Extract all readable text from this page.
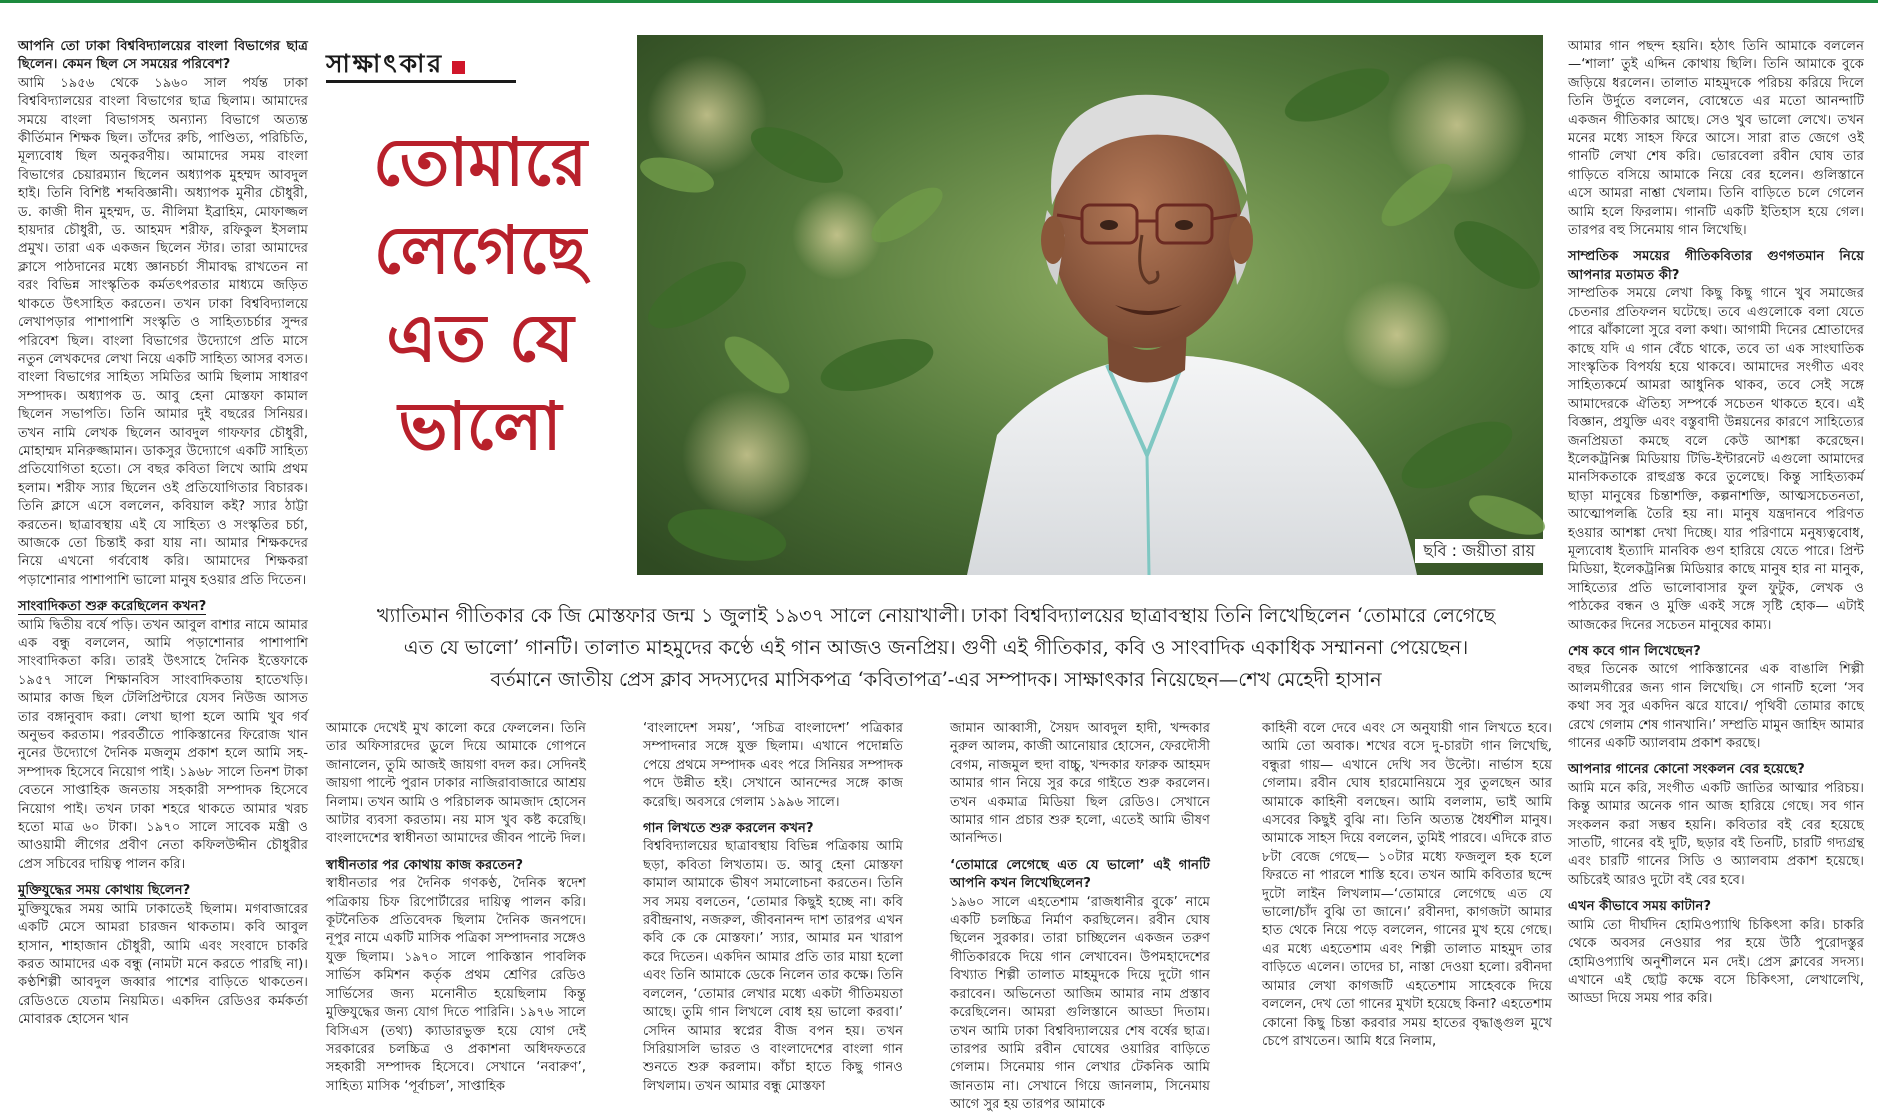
আপনি তো ঢাকা বিশ্ববিদ্যালয়ের বাংলা বিভাগের ছাত্র ছিলেন। কেমন ছিল সে সময়ের পরিবেশ?

আমি ১৯৫৬ থেকে ১৯৬০ সাল পর্যন্ত ঢাকা বিশ্ববিদ্যালয়ের বাংলা বিভাগের ছাত্র ছিলাম। আমাদের সময়ে বাংলা বিভাগসহ অন্যান্য বিভাগে অত্যন্ত কীর্তিমান শিক্ষক ছিল। তাঁদের রুচি, পাণ্ডিত্য, পরিচিতি, মূল্যবোধ ছিল অনুকরণীয়। আমাদের সময় বাংলা বিভাগের চেয়ারম্যান ছিলেন অধ্যাপক মুহম্মদ আবদুল হাই। তিনি বিশিষ্ট শব্দবিজ্ঞানী। অধ্যাপক মুনীর চৌধুরী, ড. কাজী দীন মুহম্মদ, ড. নীলিমা ইব্রাহিম, মোফাজ্জল হায়দার চৌধুরী, ড. আহমদ শরীফ, রফিকুল ইসলাম প্রমুখ। তারা এক একজন ছিলেন স্টার। তারা আমাদের ক্লাসে পাঠদানের মধ্যে জ্ঞানচর্চা সীমাবদ্ধ রাখতেন না বরং বিভিন্ন সাংস্কৃতিক কর্মতৎপরতার মাধ্যমে জড়িত থাকতে উৎসাহিত করতেন। তখন ঢাকা বিশ্ববিদ্যালয়ে লেখাপড়ার পাশাপাশি সংস্কৃতি ও সাহিত্যচর্চার সুন্দর পরিবেশ ছিল। বাংলা বিভাগের উদ্যোগে প্রতি মাসে নতুন লেখকদের লেখা নিয়ে একটি সাহিত্য আসর বসত। বাংলা বিভাগের সাহিত্য সমিতির আমি ছিলাম সাধারণ সম্পাদক। অধ্যাপক ড. আবু হেনা মোস্তফা কামাল ছিলেন সভাপতি। তিনি আমার দুই বছরের সিনিয়র। তখন নামি লেখক ছিলেন আবদুল গাফফার চৌধুরী, মোহাম্মদ মনিরুজ্জামান। ডাকসুর উদ্যোগে একটি সাহিত্য প্রতিযোগিতা হতো। সে বছর কবিতা লিখে আমি প্রথম হলাম। শরীফ স্যার ছিলেন ওই প্রতিযোগিতার বিচারক। তিনি ক্লাসে এসে বললেন, কবিয়াল কই? স্যার ঠাট্টা করতেন। ছাত্রাবস্থায় এই যে সাহিত্য ও সংস্কৃতির চর্চা, আজকে তো চিন্তাই করা যায় না। আমার শিক্ষকদের নিয়ে এখনো গর্ববোধ করি। আমাদের শিক্ষকরা পড়াশোনার পাশাপাশি ভালো মানুষ হওয়ার প্রতি দিতেন।

সাংবাদিকতা শুরু করেছিলেন কখন?

আমি দ্বিতীয় বর্ষে পড়ি। তখন আবুল বাশার নামে আমার এক বন্ধু বললেন, আমি পড়াশোনার পাশাপাশি সাংবাদিকতা করি। তারই উৎসাহে দৈনিক ইত্তেফাকে ১৯৫৭ সালে শিক্ষানবিস সাংবাদিকতায় হাতেখড়ি। আমার কাজ ছিল টেলিপ্রিন্টারে যেসব নিউজ আসত তার বঙ্গানুবাদ করা। লেখা ছাপা হলে আমি খুব গর্ব অনুভব করতাম। পরবর্তীতে পাকিস্তানের ফিরোজ খান নুনের উদ্যোগে দৈনিক মজলুম প্রকাশ হলে আমি সহ-সম্পাদক হিসেবে নিয়োগ পাই। ১৯৬৮ সালে তিনশ টাকা বেতনে সাপ্তাহিক জনতায় সহকারী সম্পাদক হিসেবে নিয়োগ পাই। তখন ঢাকা শহরে থাকতে আমার খরচ হতো মাত্র ৬০ টাকা। ১৯৭০ সালে সাবেক মন্ত্রী ও আওয়ামী লীগের প্রবীণ নেতা কফিলউদ্দীন চৌধুরীর প্রেস সচিবের দায়িত্ব পালন করি।

মুক্তিযুদ্ধের সময় কোথায় ছিলেন?

মুক্তিযুদ্ধের সময় আমি ঢাকাতেই ছিলাম। মগবাজারের একটি মেসে আমরা চারজন থাকতাম। কবি আবুল হাসান, শাহাজান চৌধুরী, আমি এবং সংবাদে চাকরি করত আমাদের এক বন্ধু (নামটা মনে করতে পারছি না)। কণ্ঠশিল্পী আবদুল জব্বার পাশের বাড়িতে থাকতেন। রেডিওতে যেতাম নিয়মিত। একদিন রেডিওর কর্মকর্তা মোবারক হোসেন খান

সাক্ষাৎকার
তোমারে
লেগেছে
এত যে
ভালো
ছবি : জয়ীতা রায়
খ্যাতিমান গীতিকার কে জি মোস্তফার জন্ম ১ জুলাই ১৯৩৭ সালে নোয়াখালী। ঢাকা বিশ্ববিদ্যালয়ের ছাত্রাবস্থায় তিনি লিখেছিলেন ‘তোমারে লেগেছে
এত যে ভালো’ গানটি। তালাত মাহমুদের কণ্ঠে এই গান আজও জনপ্রিয়। গুণী এই গীতিকার, কবি ও সাংবাদিক একাধিক সম্মাননা পেয়েছেন।
বর্তমানে জাতীয় প্রেস ক্লাব সদস্যদের মাসিকপত্র ‘কবিতাপত্র’-এর সম্পাদক। সাক্ষাৎকার নিয়েছেন—শেখ মেহেদী হাসান

আমাকে দেখেই মুখ কালো করে ফেললেন। তিনি তার অফিসারদের ডুলে দিয়ে আমাকে গোপনে জানালেন, তুমি আজই জায়গা বদল কর। সেদিনই জায়গা পাল্টে পুরান ঢাকার নাজিরাবাজারে আশ্রয় নিলাম। তখন আমি ও পরিচালক আমজাদ হোসেন আটার ব্যবসা করতাম। নয় মাস খুব কষ্ট করেছি। বাংলাদেশের স্বাধীনতা আমাদের জীবন পাল্টে দিল।

স্বাধীনতার পর কোথায় কাজ করতেন?

স্বাধীনতার পর দৈনিক গণকণ্ঠ, দৈনিক স্বদেশ পত্রিকায় চিফ রিপোর্টারের দায়িত্ব পালন করি। কূটনৈতিক প্রতিবেদক ছিলাম দৈনিক জনপদে। নূপুর নামে একটি মাসিক পত্রিকা সম্পাদনার সঙ্গেও যুক্ত ছিলাম। ১৯৭০ সালে পাকিস্তান পাবলিক সার্ভিস কমিশন কর্তৃক প্রথম শ্রেণির রেডিও সার্ভিসের জন্য মনোনীত হয়েছিলাম কিন্তু মুক্তিযুদ্ধের জন্য যোগ দিতে পারিনি। ১৯৭৬ সালে বিসিএস (তথ্য) ক্যাডারভুক্ত হয়ে যোগ দেই সরকারের চলচ্চিত্র ও প্রকাশনা অধিদফতরে সহকারী সম্পাদক হিসেবে। সেখানে ‘নবারুণ’, সাহিত্য মাসিক ‘পূর্বাচল’, সাপ্তাহিক

‘বাংলাদেশ সময়’, ‘সচিত্র বাংলাদেশ’ পত্রিকার সম্পাদনার সঙ্গে যুক্ত ছিলাম। এখানে পদোন্নতি পেয়ে প্রথমে সম্পাদক এবং পরে সিনিয়র সম্পাদক পদে উন্নীত হই। সেখানে আনন্দের সঙ্গে কাজ করেছি। অবসরে গেলাম ১৯৯৬ সালে।

গান লিখতে শুরু করলেন কখন?

বিশ্ববিদ্যালয়ের ছাত্রাবস্থায় বিভিন্ন পত্রিকায় আমি ছড়া, কবিতা লিখতাম। ড. আবু হেনা মোস্তফা কামাল আমাকে ভীষণ সমালোচনা করতেন। তিনি সব সময় বলতেন, ‘তোমার কিছুই হচ্ছে না। কবি রবীন্দ্রনাথ, নজরুল, জীবনানন্দ দাশ তারপর এখন কবি কে কে মোস্তফা।’ স্যার, আমার মন খারাপ করে দিতেন। একদিন আমার প্রতি তার মায়া হলো এবং তিনি আমাকে ডেকে নিলেন তার কক্ষে। তিনি বললেন, ‘তোমার লেখার মধ্যে একটা গীতিময়তা আছে। তুমি গান লিখলে বোধ হয় ভালো করবা।’ সেদিন আমার স্বপ্নের বীজ বপন হয়। তখন সিরিয়াসলি ভারত ও বাংলাদেশের বাংলা গান শুনতে শুরু করলাম। কাঁচা হাতে কিছু গানও লিখলাম। তখন আমার বন্ধু মোস্তফা

জামান আব্বাসী, সৈয়দ আবদুল হাদী, খন্দকার নুরুল আলম, কাজী আনোয়ার হোসেন, ফেরদৌসী বেগম, নাজমুল হুদা বাচ্চু, খন্দকার ফারুক আহমদ আমার গান নিয়ে সুর করে গাইতে শুরু করলেন। তখন একমাত্র মিডিয়া ছিল রেডিও। সেখানে আমার গান প্রচার শুরু হলো, এতেই আমি ভীষণ আনন্দিত।

‘তোমারে লেগেছে এত যে ভালো’ এই গানটি আপনি কখন লিখেছিলেন?

১৯৬০ সালে এহতেশাম ‘রাজধানীর বুকে’ নামে একটি চলচ্চিত্র নির্মাণ করছিলেন। রবীন ঘোষ ছিলেন সুরকার। তারা চাচ্ছিলেন একজন তরুণ গীতিকারকে দিয়ে গান লেখাবেন। উপমহাদেশের বিখ্যাত শিল্পী তালাত মাহমুদকে দিয়ে দুটো গান করাবেন। অভিনেতা আজিম আমার নাম প্রস্তাব করেছিলেন। আমরা গুলিস্তানে আড্ডা দিতাম। তখন আমি ঢাকা বিশ্ববিদ্যালয়ের শেষ বর্ষের ছাত্র। তারপর আমি রবীন ঘোষের ওয়ারির বাড়িতে গেলাম। সিনেমায় গান লেখার টেকনিক আমি জানতাম না। সেখানে গিয়ে জানলাম, সিনেমায় আগে সুর হয় তারপর আমাকে

কাহিনী বলে দেবে এবং সে অনুযায়ী গান লিখতে হবে। আমি তো অবাক। শখের বসে দু-চারটা গান লিখেছি, বন্ধুরা গায়— এখানে দেখি সব উল্টো। নার্ভাস হয়ে গেলাম। রবীন ঘোষ হারমোনিয়মে সুর তুলছেন আর আমাকে কাহিনী বলছেন। আমি বললাম, ভাই আমি এসবের কিছুই বুঝি না। তিনি অত্যন্ত ধৈর্যশীল মানুষ। আমাকে সাহস দিয়ে বললেন, তুমিই পারবে। এদিকে রাত ৮টা বেজে গেছে— ১০টার মধ্যে ফজলুল হক হলে ফিরতে না পারলে শাস্তি হবে। তখন আমি কবিতার ছন্দে দুটো লাইন লিখলাম—‘তোমারে লেগেছে এত যে ভালো/চাঁদ বুঝি তা জানে।’ রবীনদা, কাগজটা আমার হাত থেকে নিয়ে পড়ে বললেন, গানের মুখ হয়ে গেছে। এর মধ্যে এহতেশাম এবং শিল্পী তালাত মাহমুদ তার বাড়িতে এলেন। তাদের চা, নাস্তা দেওয়া হলো। রবীনদা আমার লেখা কাগজটি এহতেশাম সাহেবকে দিয়ে বললেন, দেখ তো গানের মুখটা হয়েছে কিনা? এহতেশাম কোনো কিছু চিন্তা করবার সময় হাতের বৃদ্ধাঙ্গুল মুখে চেপে রাখতেন। আমি ধরে নিলাম,

আমার গান পছন্দ হয়নি। হঠাৎ তিনি আমাকে বললেন—‘শালা’ তুই এদ্দিন কোথায় ছিলি। তিনি আমাকে বুকে জড়িয়ে ধরলেন। তালাত মাহমুদকে পরিচয় করিয়ে দিলে তিনি উর্দুতে বললেন, বোম্বেতে এর মতো আনন্দাটি একজন গীতিকার আছে। সেও খুব ভালো লেখে। তখন মনের মধ্যে সাহস ফিরে আসে। সারা রাত জেগে ওই গানটি লেখা শেষ করি। ভোরবেলা রবীন ঘোষ তার গাড়িতে বসিয়ে আমাকে নিয়ে বের হলেন। গুলিস্তানে এসে আমরা নাশ্তা খেলাম। তিনি বাড়িতে চলে গেলেন আমি হলে ফিরলাম। গানটি একটি ইতিহাস হয়ে গেল। তারপর বহু সিনেমায় গান লিখেছি।

সাম্প্রতিক সময়ের গীতিকবিতার গুণগতমান নিয়ে আপনার মতামত কী?

সাম্প্রতিক সময়ে লেখা কিছু কিছু গানে খুব সমাজের চেতনার প্রতিফলন ঘটেছে। তবে এগুলোকে বলা যেতে পারে ঝাঁকালো সুরে বলা কথা। আগামী দিনের শ্রোতাদের কাছে যদি এ গান বেঁচে থাকে, তবে তা এক সাংঘাতিক সাংস্কৃতিক বিপর্যয় হয়ে থাকবে। আমাদের সংগীত এবং সাহিত্যকর্মে আমরা আধুনিক থাকব, তবে সেই সঙ্গে আমাদেরকে ঐতিহ্য সম্পর্কে সচেতন থাকতে হবে। এই বিজ্ঞান, প্রযুক্তি এবং বস্তুবাদী উন্নয়নের কারণে সাহিত্যের জনপ্রিয়তা কমছে বলে কেউ আশঙ্কা করেছেন। ইলেকট্রনিক্স মিডিয়ায় টিভি-ইন্টারনেট এগুলো আমাদের মানসিকতাকে রাহুগ্রস্ত করে তুলেছে। কিন্তু সাহিত্যকর্ম ছাড়া মানুষের চিন্তাশক্তি, কল্পনাশক্তি, আত্মসচেতনতা, আত্মোপলব্ধি তৈরি হয় না। মানুষ যন্ত্রদানবে পরিণত হওয়ার আশঙ্কা দেখা দিচ্ছে। যার পরিণামে মনুষ্যত্ববোধ, মূল্যবোধ ইত্যাদি মানবিক গুণ হারিয়ে যেতে পারে। প্রিন্ট মিডিয়া, ইলেকট্রনিক্স মিডিয়ার কাছে মানুষ হার না মানুক, সাহিত্যের প্রতি ভালোবাসার ফুল ফুটুক, লেখক ও পাঠকের বন্ধন ও মুক্তি একই সঙ্গে সৃষ্টি হোক— এটাই আজকের দিনের সচেতন মানুষের কাম্য।

শেষ কবে গান লিখেছেন?

বছর তিনেক আগে পাকিস্তানের এক বাঙালি শিল্পী আলমগীরের জন্য গান লিখেছি। সে গানটি হলো ‘সব কথা সব সুর একদিন ঝরে যাবে।/ পৃথিবী তোমার কাছে রেখে গেলাম শেষ গানখানি।’ সম্প্রতি মামুন জাহিদ আমার গানের একটি অ্যালবাম প্রকাশ করছে।

আপনার গানের কোনো সংকলন বের হয়েছে?

আমি মনে করি, সংগীত একটি জাতির আত্মার পরিচয়। কিন্তু আমার অনেক গান আজ হারিয়ে গেছে। সব গান সংকলন করা সম্ভব হয়নি। কবিতার বই বের হয়েছে সাতটি, গানের বই দুটি, ছড়ার বই তিনটি, চারটি গদ্যগ্রন্থ এবং চারটি গানের সিডি ও অ্যালবাম প্রকাশ হয়েছে। অচিরেই আরও দুটো বই বের হবে।

এখন কীভাবে সময় কাটান?

আমি তো দীর্ঘদিন হোমিওপ্যাথি চিকিৎসা করি। চাকরি থেকে অবসর নেওয়ার পর হয়ে উঠি পুরোদস্তুর হোমিওপ্যাথি অনুশীলনে মন দেই। প্রেস ক্লাবের সদস্য। এখানে এই ছোট্ট কক্ষে বসে চিকিৎসা, লেখালেখি, আড্ডা দিয়ে সময় পার করি।
